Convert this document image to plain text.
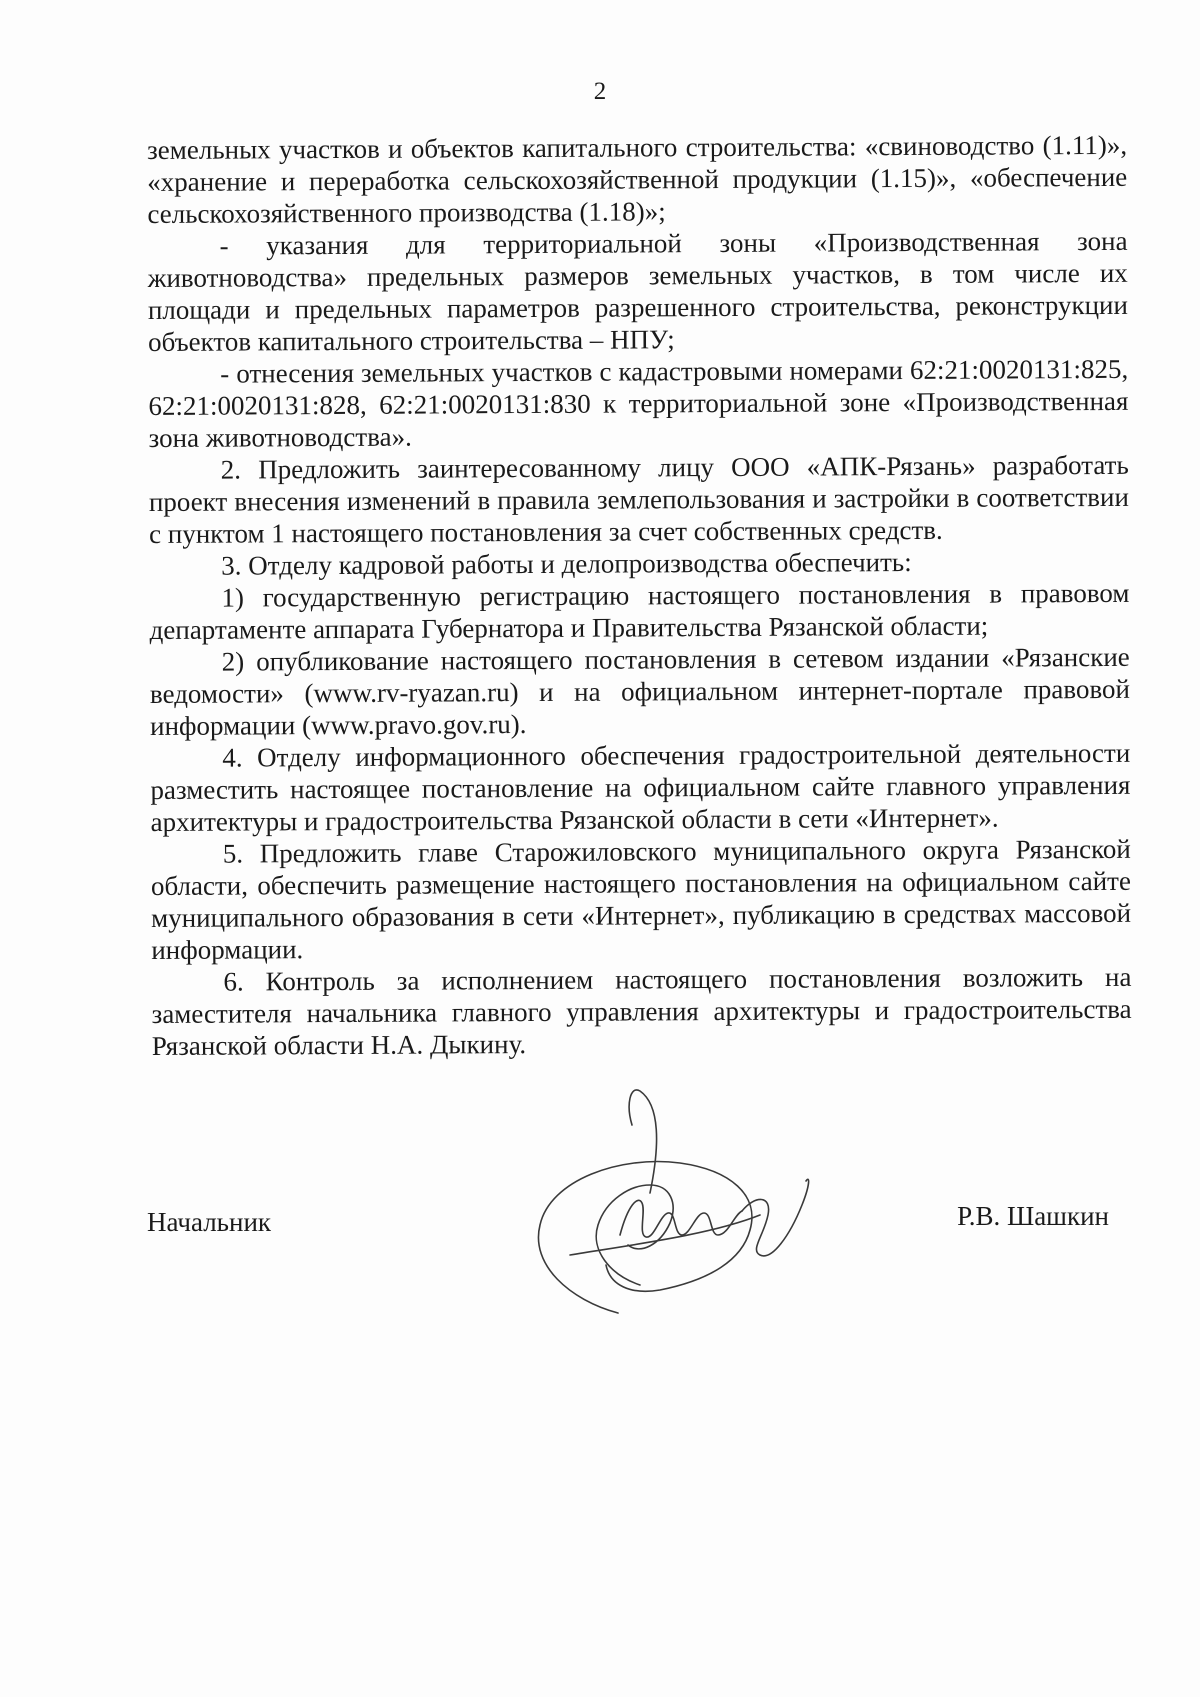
2

земельных участков и объектов капитального строительства: «свиноводство (1.11)», «хранение и переработка сельскохозяйственной продукции (1.15)», «обеспечение сельскохозяйственного производства (1.18)»;

- указания для территориальной зоны «Производственная зона животноводства» предельных размеров земельных участков, в том числе их площади и предельных параметров разрешенного строительства, реконструкции объектов капитального строительства – НПУ;

- отнесения земельных участков с кадастровыми номерами 62:21:0020131:825, 62:21:0020131:828, 62:21:0020131:830 к территориальной зоне «Производственная зона животноводства».

2. Предложить заинтересованному лицу ООО «АПК-Рязань» разработать проект внесения изменений в правила землепользования и застройки в соответствии с пунктом 1 настоящего постановления за счет собственных средств.

3. Отделу кадровой работы и делопроизводства обеспечить:

1) государственную регистрацию настоящего постановления в правовом департаменте аппарата Губернатора и Правительства Рязанской области;

2) опубликование настоящего постановления в сетевом издании «Рязанские ведомости» (www.rv-ryazan.ru) и на официальном интернет-портале правовой информации (www.pravo.gov.ru).

4. Отделу информационного обеспечения градостроительной деятельности разместить настоящее постановление на официальном сайте главного управления архитектуры и градостроительства Рязанской области в сети «Интернет».

5. Предложить главе Старожиловского муниципального округа Рязанской области, обеспечить размещение настоящего постановления на официальном сайте муниципального образования в сети «Интернет», публикацию в средствах массовой информации.

6. Контроль за исполнением настоящего постановления возложить на заместителя начальника главного управления архитектуры и градостроительства Рязанской области Н.А. Дыкину.

Начальник	Р.В. Шашкин
